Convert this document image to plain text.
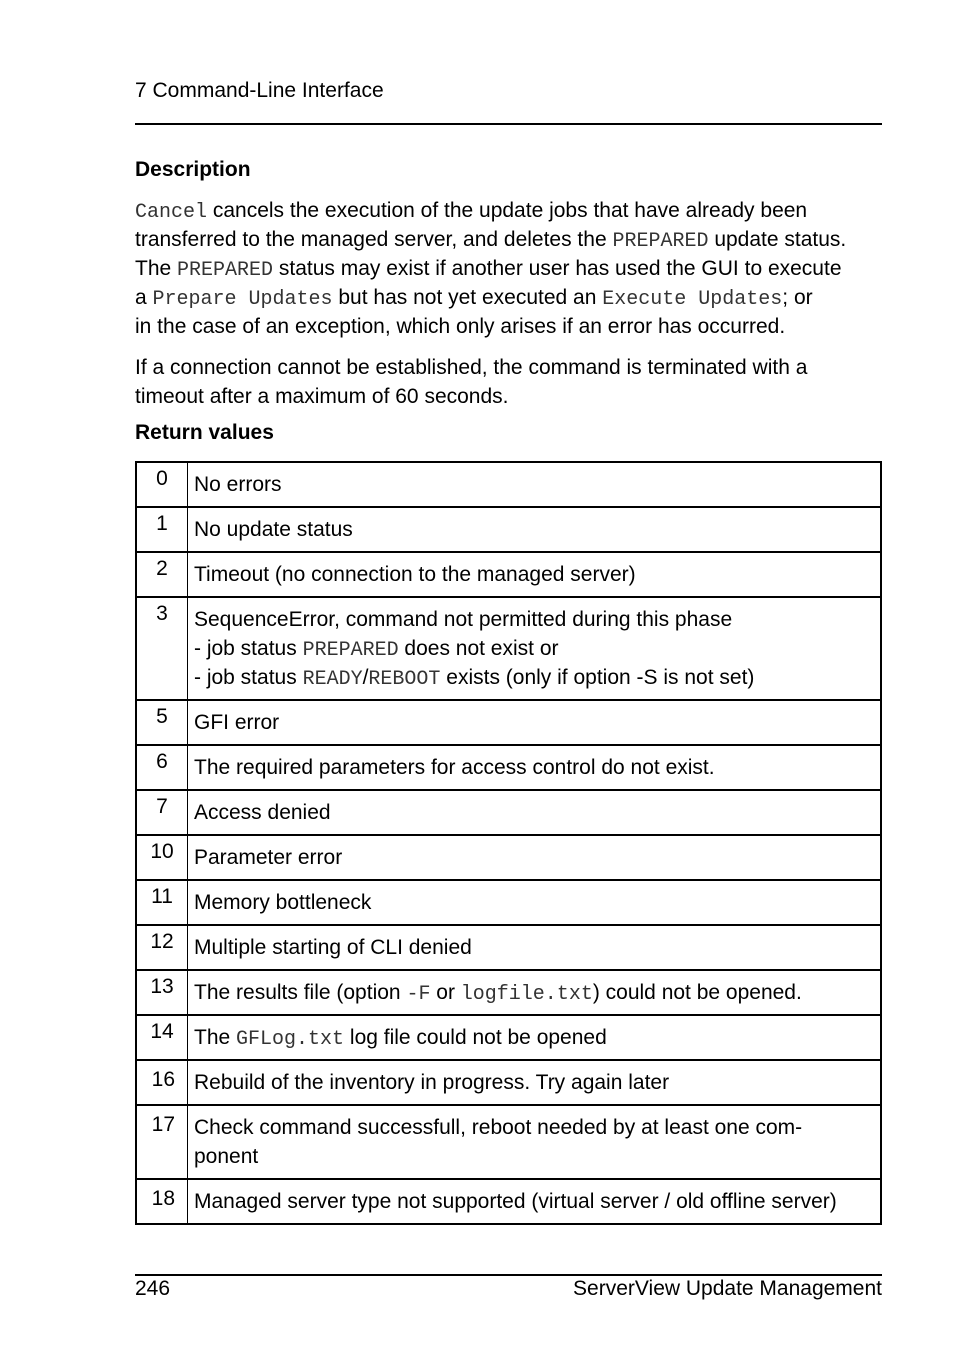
7 Command-Line Interface
Description
Cancel cancels the execution of the update jobs that have already been
transferred to the managed server, and deletes the PREPARED update status.
The PREPARED status may exist if another user has used the GUI to execute
a Prepare Updates but has not yet executed an Execute Updates; or
in the case of an exception, which only arises if an error has occurred.
If a connection cannot be established, the command is terminated with a
timeout after a maximum of 60 seconds.
Return values
0	No errors

1	No update status

2	Timeout (no connection to the managed server)

3	SequenceError, command not permitted during this phase
- job status PREPARED does not exist or
- job status READY/REBOOT exists (only if option -S is not set)

5	GFI error

6	The required parameters for access control do not exist.

7	Access denied

10	Parameter error

11	Memory bottleneck

12	Multiple starting of CLI denied

13	The results file (option -F or logfile.txt) could not be opened.

14	The GFLog.txt log file could not be opened

16	Rebuild of the inventory in progress. Try again later

17	Check command successfull, reboot needed by at least one com-
ponent

18	Managed server type not supported (virtual server / old offline server)
246	ServerView Update Management
